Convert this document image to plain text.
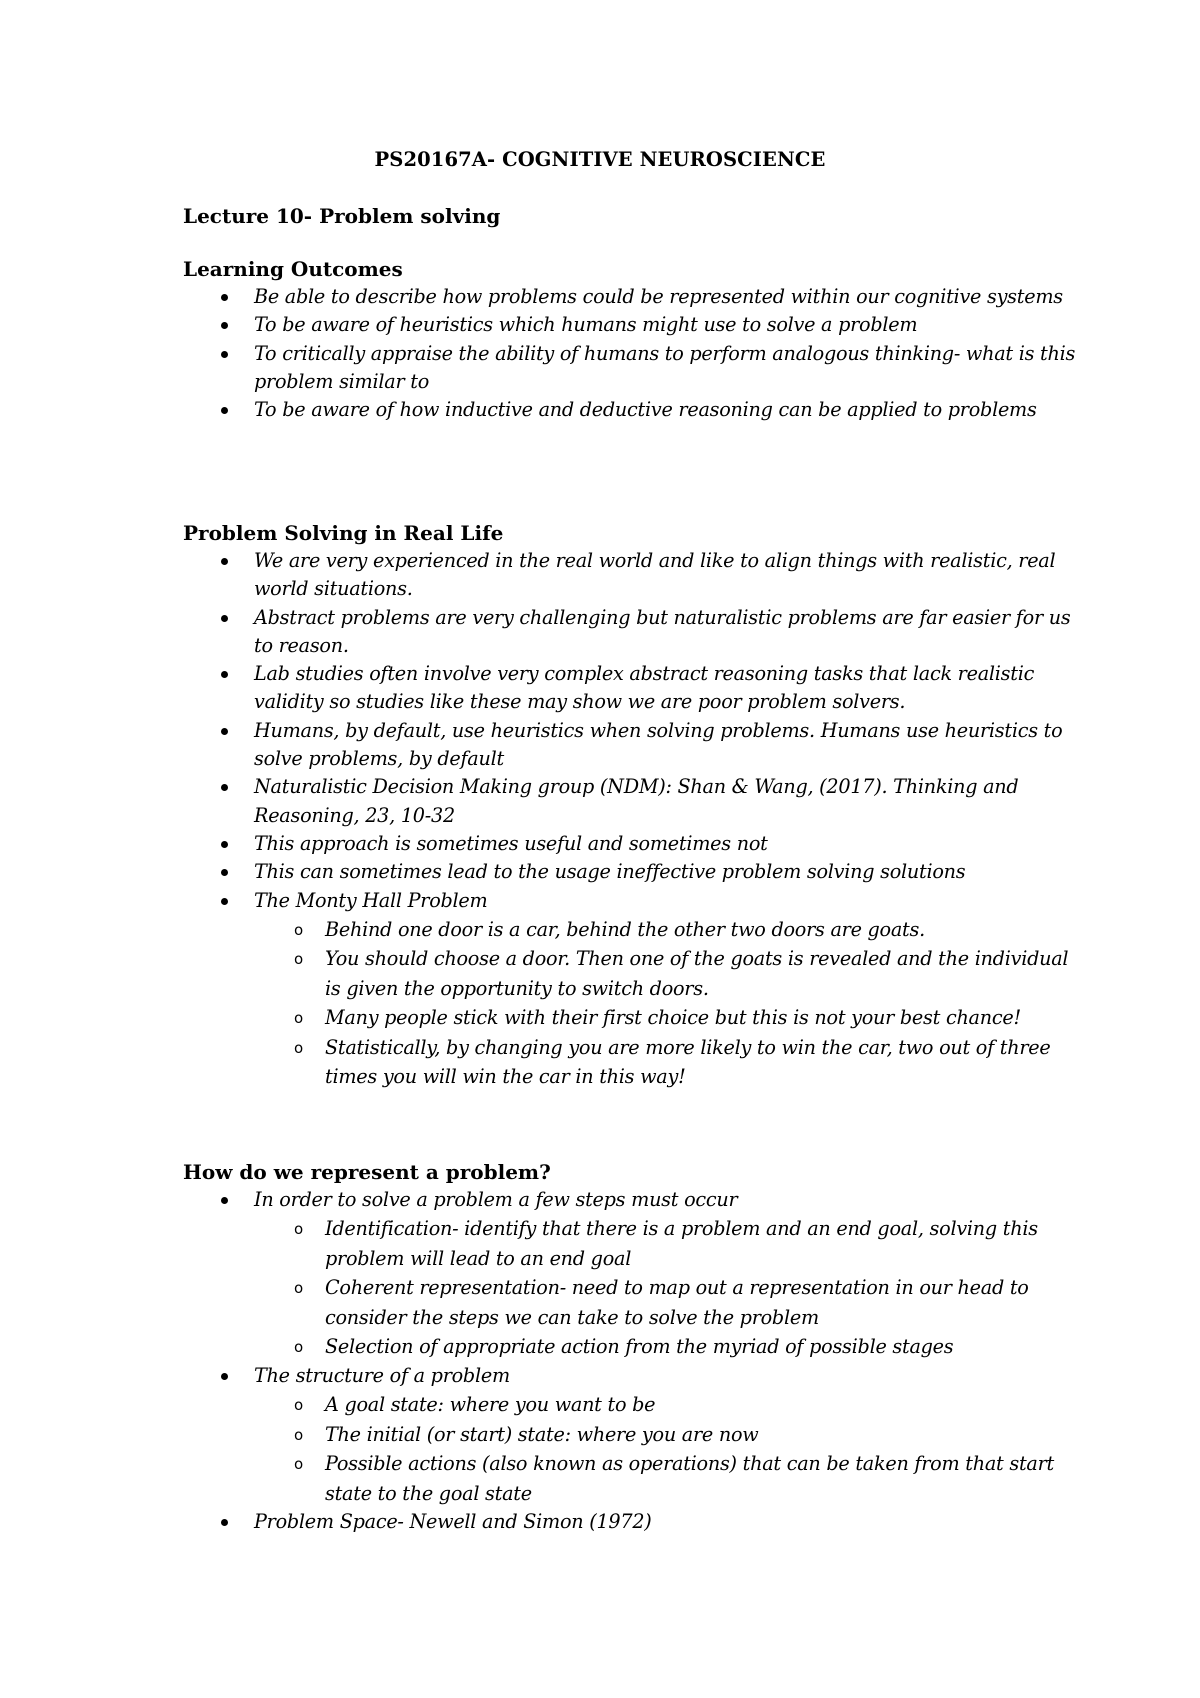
PS20167A- COGNITIVE NEUROSCIENCE
Lecture 10- Problem solving
Learning Outcomes
Be able to describe how problems could be represented within our cognitive systems
To be aware of heuristics which humans might use to solve a problem
To critically appraise the ability of humans to perform analogous thinking- what is this problem similar to
To be aware of how inductive and deductive reasoning can be applied to problems
Problem Solving in Real Life
We are very experienced in the real world and like to align things with realistic, real world situations.
Abstract problems are very challenging but naturalistic problems are far easier for us to reason.
Lab studies often involve very complex abstract reasoning tasks that lack realistic validity so studies like these may show we are poor problem solvers.
Humans, by default, use heuristics when solving problems. Humans use heuristics to solve problems, by default
Naturalistic Decision Making group (NDM): Shan & Wang, (2017). Thinking and Reasoning, 23, 10-32
This approach is sometimes useful and sometimes not
This can sometimes lead to the usage ineffective problem solving solutions
The Monty Hall Problem
o Behind one door is a car, behind the other two doors are goats.
o You should choose a door. Then one of the goats is revealed and the individual is given the opportunity to switch doors.
o Many people stick with their first choice but this is not your best chance!
o Statistically, by changing you are more likely to win the car, two out of three times you will win the car in this way!
How do we represent a problem?
In order to solve a problem a few steps must occur
o Identification- identify that there is a problem and an end goal, solving this problem will lead to an end goal
o Coherent representation- need to map out a representation in our head to consider the steps we can take to solve the problem
o Selection of appropriate action from the myriad of possible stages
The structure of a problem
o A goal state: where you want to be
o The initial (or start) state: where you are now
o Possible actions (also known as operations) that can be taken from that start state to the goal state
Problem Space- Newell and Simon (1972)
